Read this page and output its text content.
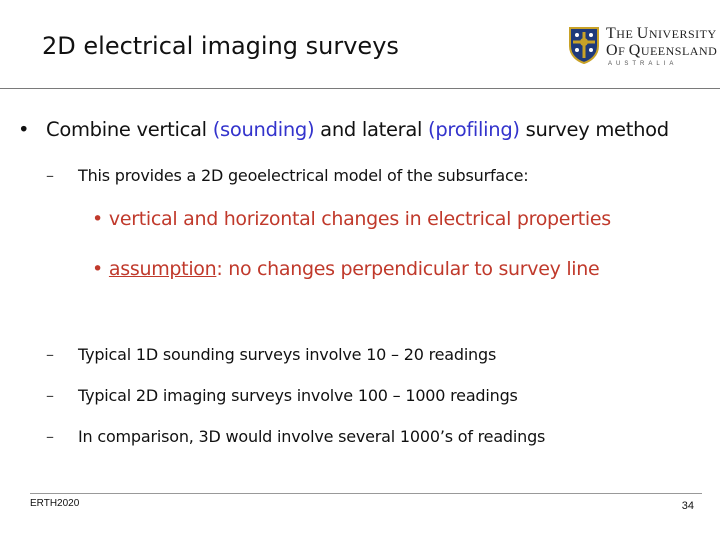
2D electrical imaging surveys	THE UNIVERSITY
OF QUEENSLAND
AUSTRALIA
• Combine vertical (sounding) and lateral (profiling) survey method
– This provides a 2D geoelectrical model of the subsurface:
• vertical and horizontal changes in electrical properties
• assumption: no changes perpendicular to survey line
– Typical 1D sounding surveys involve 10 – 20 readings
– Typical 2D imaging surveys involve 100 – 1000 readings
– In comparison, 3D would involve several 1000’s of readings
ERTH2020	34
